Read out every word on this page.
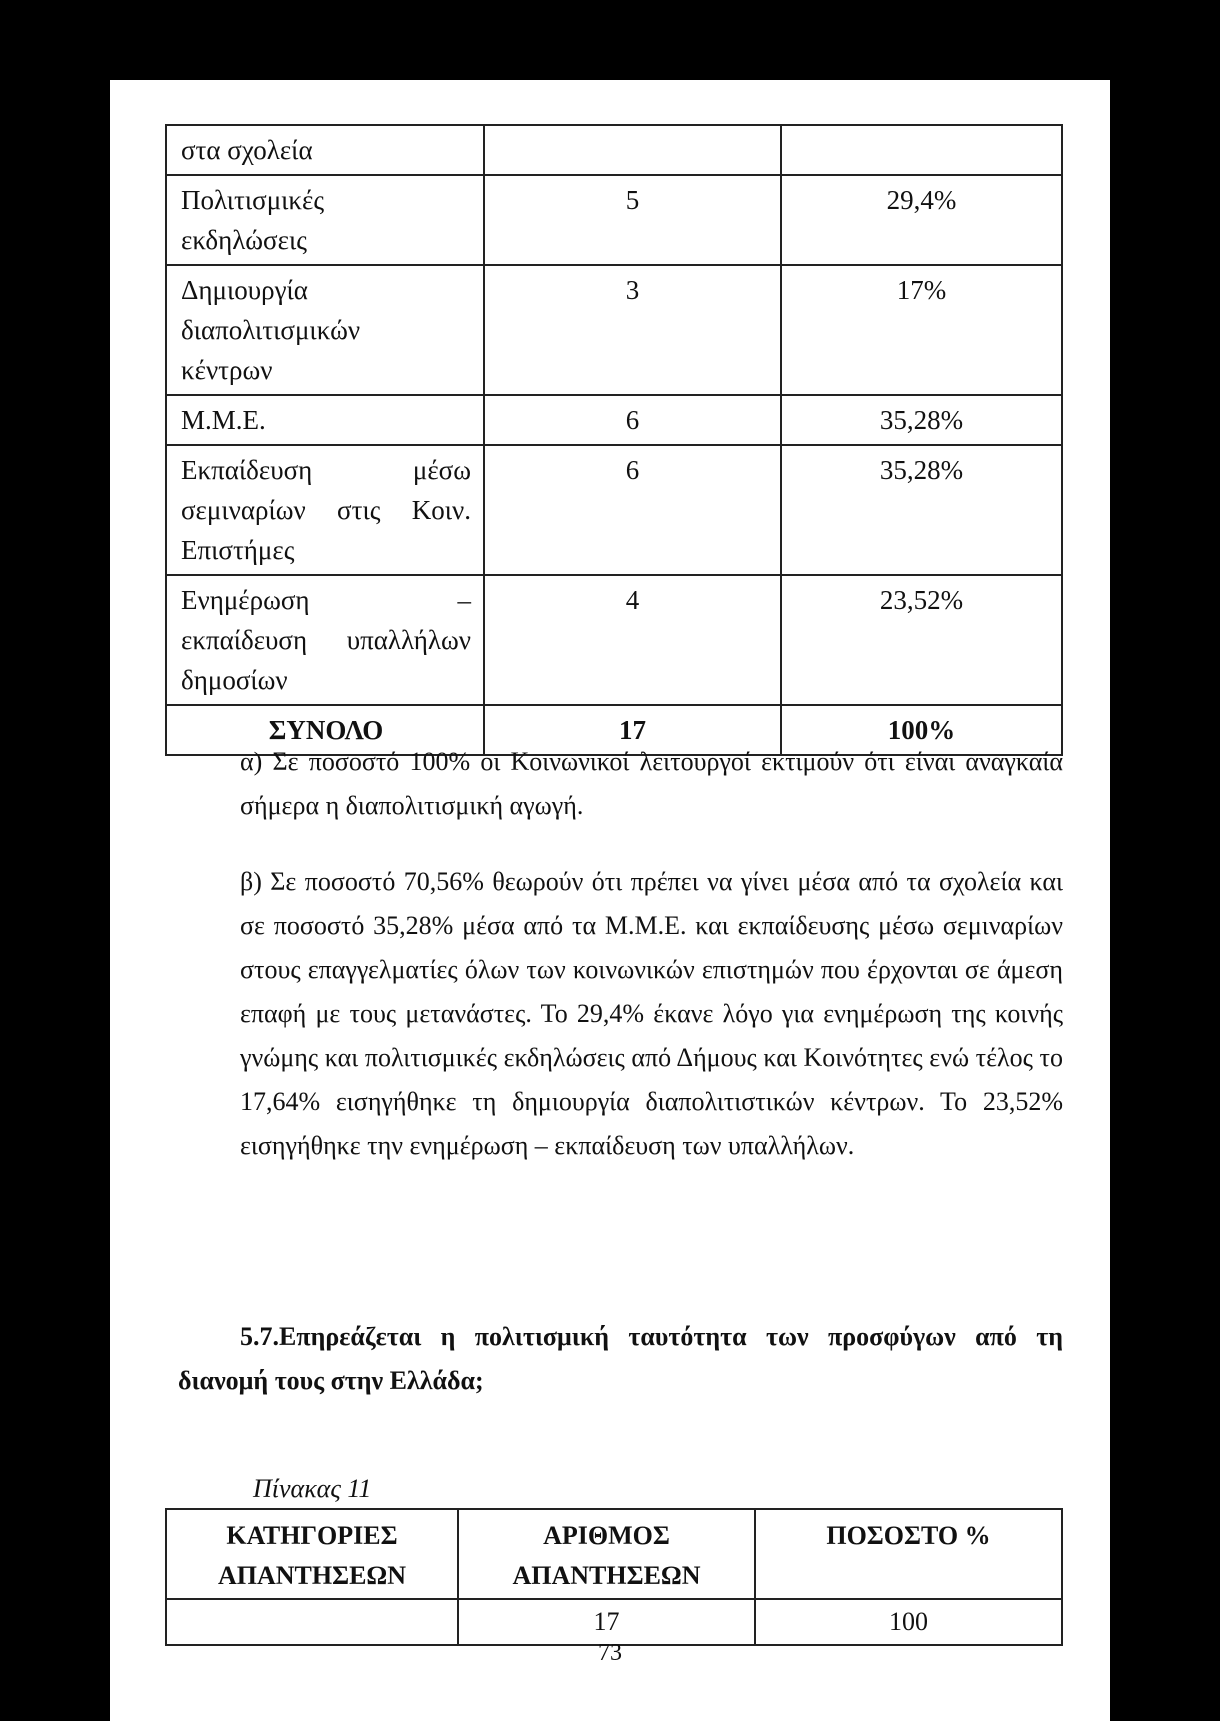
στα σχολεία		

Πολιτισμικές
εκδηλώσεις	5	29,4%

Δημιουργία
διαπολιτισμικών
κέντρων	3	17%

Μ.Μ.Ε.	6	35,28%

Εκπαίδευση μέσω
σεμιναρίων στις Κοιν.
Επιστήμες	6	35,28%

Ενημέρωση –
εκπαίδευση υπαλλήλων
δημοσίων	4	23,52%
ΣΥΝΟΛΟ	17	100%
α) Σε ποσοστό 100% οι Κοινωνικοί λειτουργοί εκτιμούν ότι είναι αναγκαία σήμερα η διαπολιτισμική αγωγή.
β) Σε ποσοστό 70,56% θεωρούν ότι πρέπει να γίνει μέσα από τα σχολεία και σε ποσοστό 35,28% μέσα από τα Μ.Μ.Ε. και εκπαίδευσης μέσω σεμιναρίων στους επαγγελματίες όλων των κοινωνικών επιστημών που έρχονται σε άμεση επαφή με τους μετανάστες. Το 29,4% έκανε λόγο για ενημέρωση της κοινής γνώμης και πολιτισμικές εκδηλώσεις από Δήμους και Κοινότητες ενώ τέλος το 17,64% εισηγήθηκε τη δημιουργία διαπολιτιστικών κέντρων. Το 23,52% εισηγήθηκε την ενημέρωση – εκπαίδευση των υπαλλήλων.
5.7.Επηρεάζεται η πολιτισμική ταυτότητα των προσφύγων από τη διανομή τους στην Ελλάδα;
Πίνακας 11
ΚΑΤΗΓΟΡΙΕΣ ΑΠΑΝΤΗΣΕΩΝ	ΑΡΙΘΜΟΣ ΑΠΑΝΤΗΣΕΩΝ	ΠΟΣΟΣΤΟ %
	17	100
73
